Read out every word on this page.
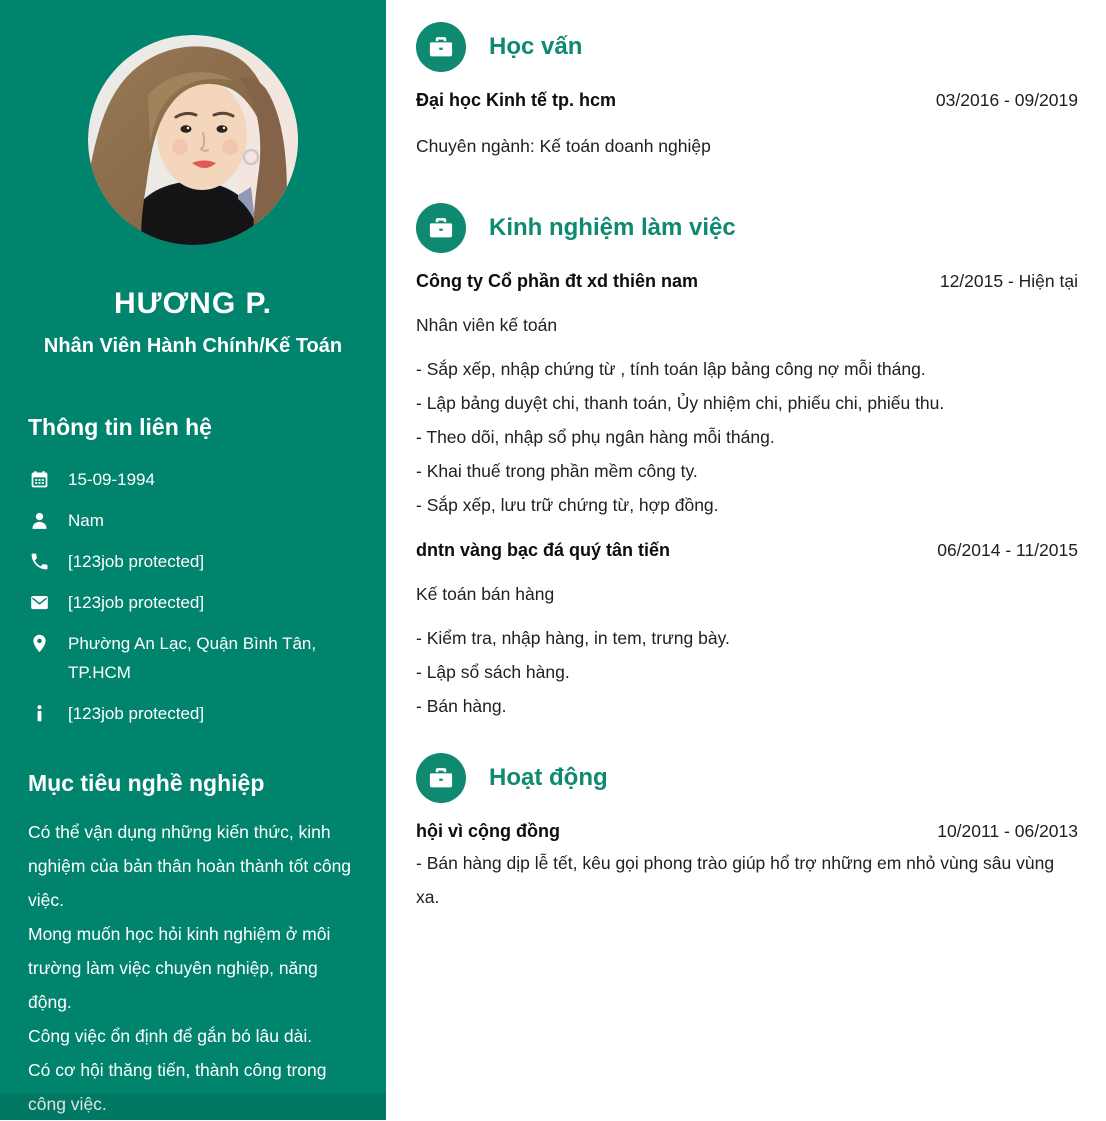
HƯƠNG P.
Nhân Viên Hành Chính/Kế Toán
Thông tin liên hệ
15-09-1994
Nam
[123job protected]
[123job protected]
Phường An Lạc, Quận Bình Tân, TP.HCM
[123job protected]
Mục tiêu nghề nghiệp
Có thể vận dụng những kiến thức, kinh nghiệm của bản thân hoàn thành tốt công việc.
Mong muốn học hỏi kinh nghiệm ở môi trường làm việc chuyên nghiệp, năng động.
Công việc ổn định để gắn bó lâu dài.
Có cơ hội thăng tiến, thành công trong công việc.
Học vấn
Đại học Kinh tế tp. hcm	03/2016 - 09/2019
Chuyên ngành: Kế toán doanh nghiệp
Kinh nghiệm làm việc
Công ty Cổ phần đt xd thiên nam	12/2015 - Hiện tại
Nhân viên kế toán
- Sắp xếp, nhập chứng từ , tính toán lập bảng công nợ mỗi tháng.
- Lập bảng duyệt chi, thanh toán, Ủy nhiệm chi, phiếu chi, phiếu thu.
- Theo dõi, nhập sổ phụ ngân hàng mỗi tháng.
- Khai thuế trong phần mềm công ty.
- Sắp xếp, lưu trữ chứng từ, hợp đồng.
dntn vàng bạc đá quý tân tiến	06/2014 - 11/2015
Kế toán bán hàng
- Kiểm tra, nhập hàng, in tem, trưng bày.
- Lập sổ sách hàng.
- Bán hàng.
Hoạt động
hội vì cộng đồng	10/2011 - 06/2013
- Bán hàng dịp lễ tết, kêu gọi phong trào giúp hổ trợ những em nhỏ vùng sâu vùng xa.
